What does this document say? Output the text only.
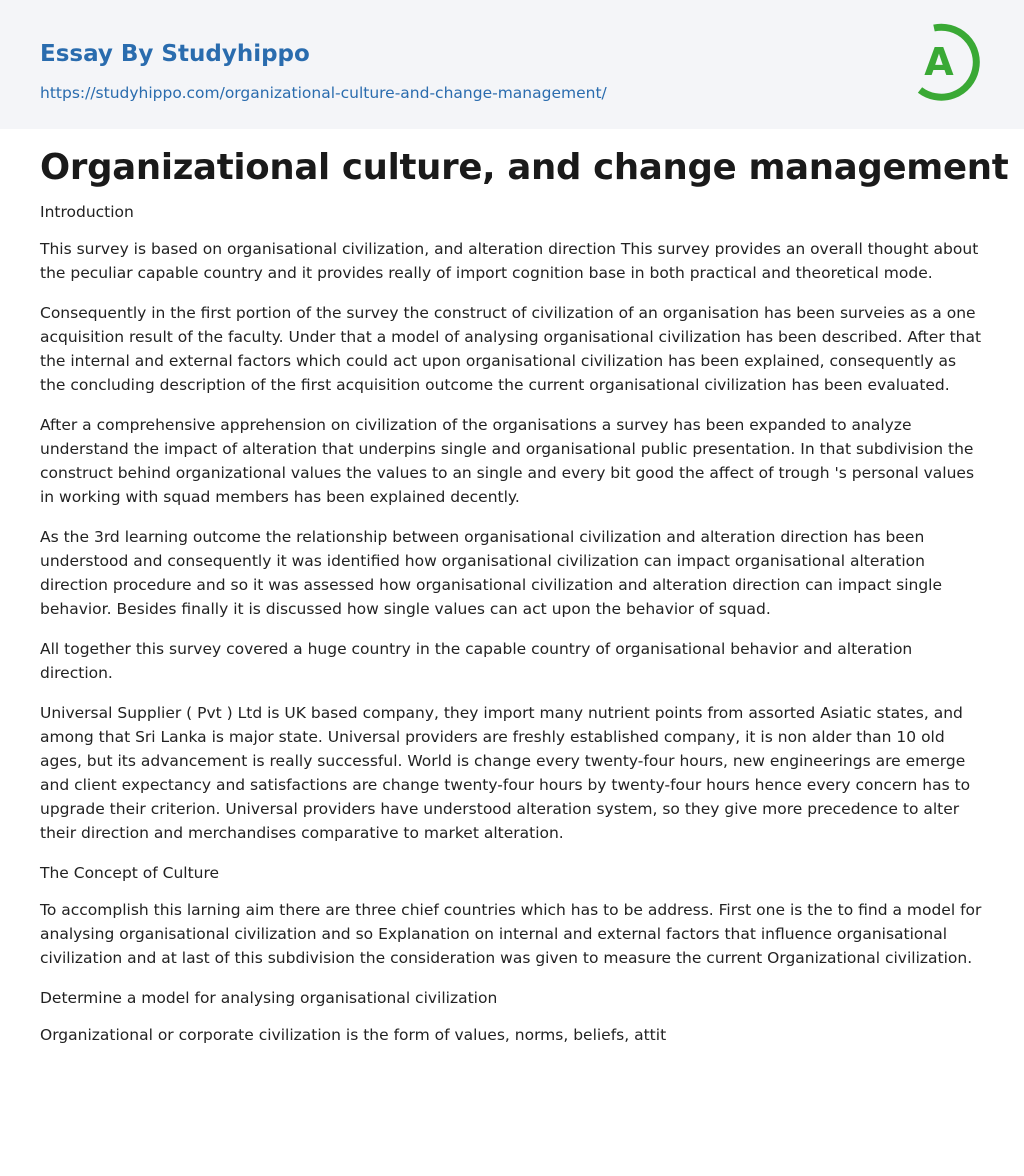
Essay By Studyhippo
https://studyhippo.com/organizational-culture-and-change-management/
A
Organizational culture, and change management

Introduction

This survey is based on organisational civilization, and alteration direction This survey provides an overall thought about the peculiar capable country and it provides really of import cognition base in both practical and theoretical mode.

Consequently in the first portion of the survey the construct of civilization of an organisation has been surveies as a one acquisition result of the faculty. Under that a model of analysing organisational civilization has been described. After that the internal and external factors which could act upon organisational civilization has been explained, consequently as the concluding description of the first acquisition outcome the current organisational civilization has been evaluated.

After a comprehensive apprehension on civilization of the organisations a survey has been expanded to analyze understand the impact of alteration that underpins single and organisational public presentation. In that subdivision the construct behind organizational values the values to an single and every bit good the affect of trough 's personal values in working with squad members has been explained decently.

As the 3rd learning outcome the relationship between organisational civilization and alteration direction has been understood and consequently it was identified how organisational civilization can impact organisational alteration direction procedure and so it was assessed how organisational civilization and alteration direction can impact single behavior. Besides finally it is discussed how single values can act upon the behavior of squad.

All together this survey covered a huge country in the capable country of organisational behavior and alteration direction.

Universal Supplier ( Pvt ) Ltd is UK based company, they import many nutrient points from assorted Asiatic states, and among that Sri Lanka is major state. Universal providers are freshly established company, it is non alder than 10 old ages, but its advancement is really successful. World is change every twenty-four hours, new engineerings are emerge and client expectancy and satisfactions are change twenty-four hours by twenty-four hours hence every concern has to upgrade their criterion. Universal providers have understood alteration system, so they give more precedence to alter their direction and merchandises comparative to market alteration.

The Concept of Culture

To accomplish this larning aim there are three chief countries which has to be address. First one is the to find a model for analysing organisational civilization and so Explanation on internal and external factors that influence organisational civilization and at last of this subdivision the consideration was given to measure the current Organizational civilization.

Determine a model for analysing organisational civilization

Organizational or corporate civilization is the form of values, norms, beliefs, attit
